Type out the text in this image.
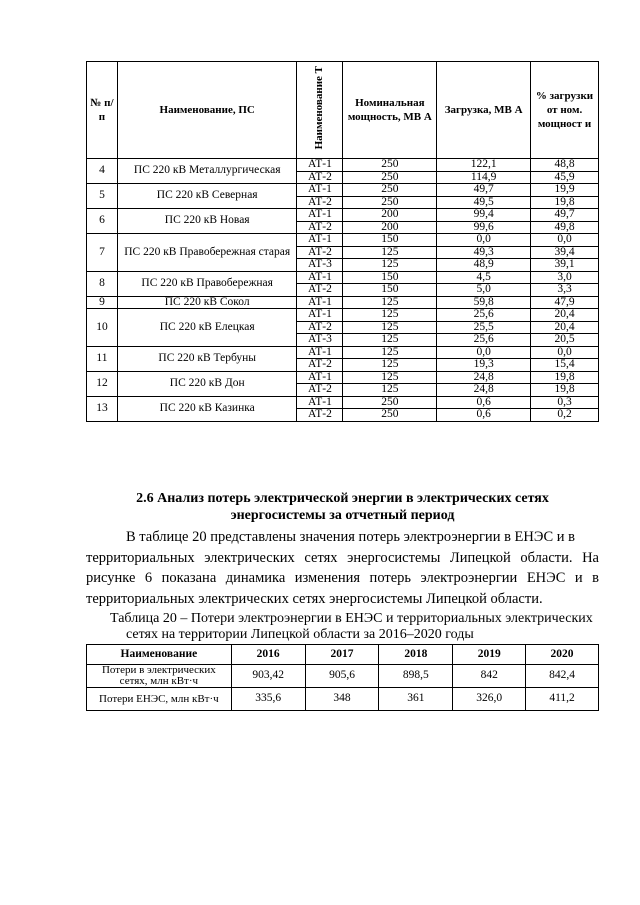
№ п/п	Наименование, ПС	Наименование Т	Номинальная мощность, МВ А	Загрузка, МВ А	% загрузки от ном. мощност и
4	ПС 220 кВ Металлургическая	АТ-1	250	122,1	48,8
		АТ-2	250	114,9	45,9
5	ПС 220 кВ Северная	АТ-1	250	49,7	19,9
		АТ-2	250	49,5	19,8
6	ПС 220 кВ Новая	АТ-1	200	99,4	49,7
		АТ-2	200	99,6	49,8
7	ПС 220 кВ Правобережная старая	АТ-1	150	0,0	0,0
		АТ-2	125	49,3	39,4
		АТ-3	125	48,9	39,1
8	ПС 220 кВ Правобережная	АТ-1	150	4,5	3,0
		АТ-2	150	5,0	3,3
9	ПС 220 кВ Сокол	АТ-1	125	59,8	47,9
10	ПС 220 кВ Елецкая	АТ-1	125	25,6	20,4
		АТ-2	125	25,5	20,4
		АТ-3	125	25,6	20,5
11	ПС 220 кВ Тербуны	АТ-1	125	0,0	0,0
		АТ-2	125	19,3	15,4
12	ПС 220 кВ Дон	АТ-1	125	24,8	19,8
		АТ-2	125	24,8	19,8
13	ПС 220 кВ Казинка	АТ-1	250	0,6	0,3
		АТ-2	250	0,6	0,2
2.6 Анализ потерь электрической энергии в электрических сетях
энергосистемы за отчетный период
В таблице 20 представлены значения потерь электроэнергии в ЕНЭС и в
территориальных электрических сетях энергосистемы Липецкой области. На
рисунке 6 показана динамика изменения потерь электроэнергии ЕНЭС и в
территориальных электрических сетях энергосистемы Липецкой области.
Таблица 20 – Потери электроэнергии в ЕНЭС и территориальных электрических
сетях на территории Липецкой области за 2016–2020 годы
Наименование	2016	2017	2018	2019	2020
Потери в электрических сетях, млн кВт·ч	903,42	905,6	898,5	842	842,4
Потери ЕНЭС, млн кВт·ч	335,6	348	361	326,0	411,2
